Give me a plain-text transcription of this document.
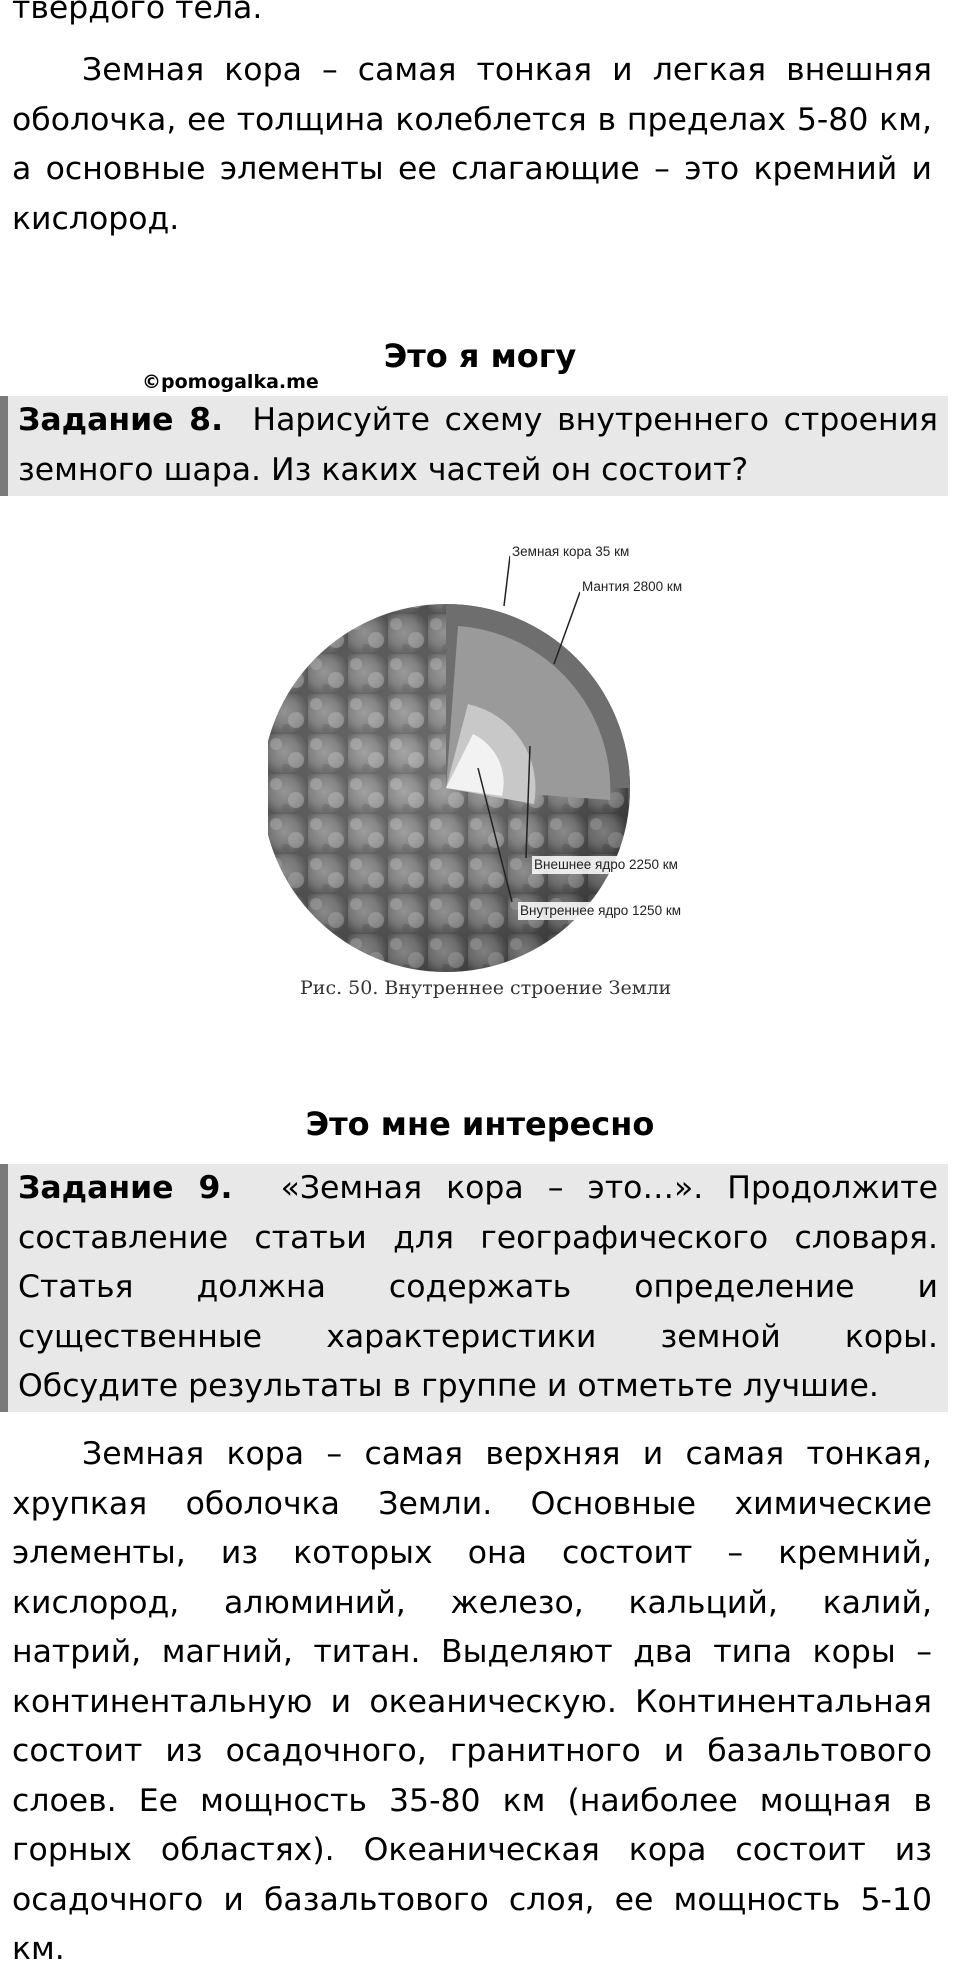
твердого тела.

Земная кора – самая тонкая и легкая внешняя оболочка, ее толщина колеблется в пределах 5-80 км, а основные элементы ее слагающие – это кремний и кислород.

Это я могу
©pomogalka.me

Задание 8. Нарисуйте схему внутреннего строения земного шара. Из каких частей он состоит?

Земная кора 35 км
Мантия 2800 км
Внешнее ядро 2250 км
Внутреннее ядро 1250 км
Рис. 50. Внутреннее строение Земли
Это мне интересно

Задание 9. «Земная кора – это…». Продолжите составление статьи для географического словаря. Статья должна содержать определение и существенные характеристики земной коры. Обсудите результаты в группе и отметьте лучшие.

Земная кора – самая верхняя и самая тонкая, хрупкая оболочка Земли. Основные химические элементы, из которых она состоит – кремний, кислород, алюминий, железо, кальций, калий, натрий, магний, титан. Выделяют два типа коры – континентальную и океаническую. Континентальная состоит из осадочного, гранитного и базальтового слоев. Ее мощность 35-80 км (наиболее мощная в горных областях). Океаническая кора состоит из осадочного и базальтового слоя, ее мощность 5-10 км.
